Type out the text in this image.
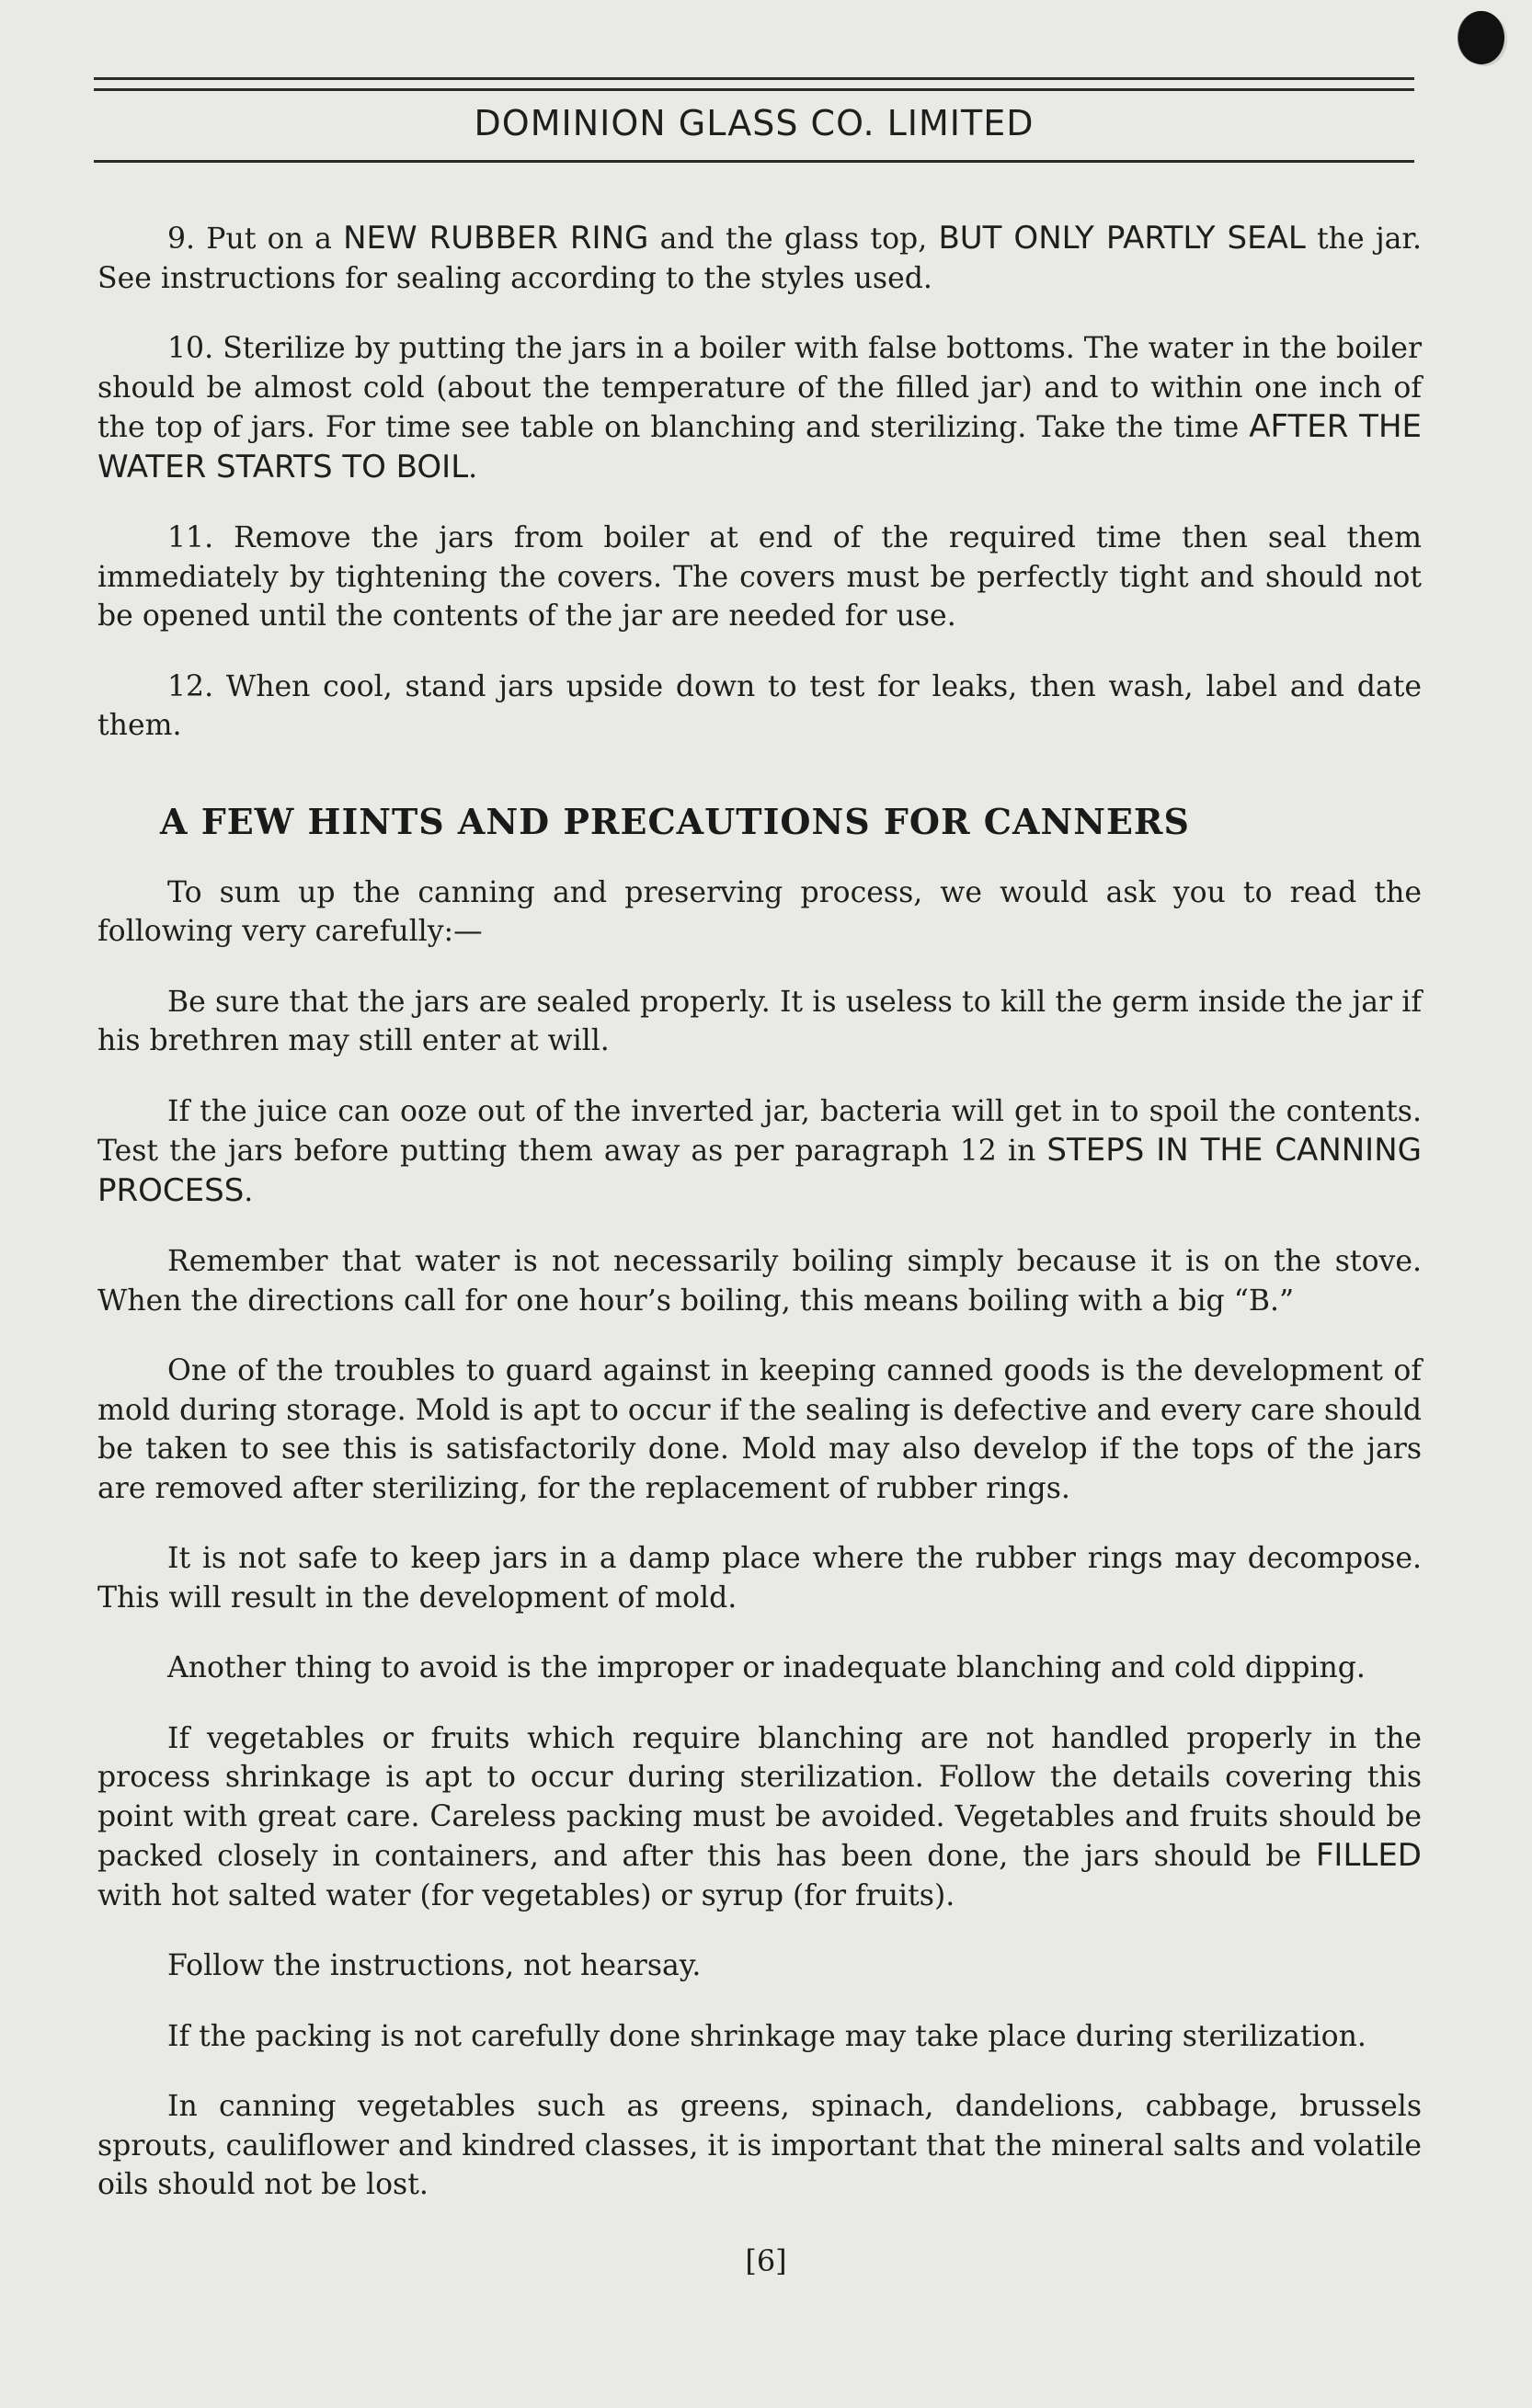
DOMINION GLASS CO. LIMITED

9. Put on a NEW RUBBER RING and the glass top, BUT ONLY PARTLY SEAL the jar. See instructions for sealing according to the styles used.

10. Sterilize by putting the jars in a boiler with false bottoms. The water in the boiler should be almost cold (about the temperature of the filled jar) and to within one inch of the top of jars. For time see table on blanching and sterilizing. Take the time AFTER THE WATER STARTS TO BOIL.

11. Remove the jars from boiler at end of the required time then seal them immediately by tightening the covers. The covers must be perfectly tight and should not be opened until the contents of the jar are needed for use.

12. When cool, stand jars upside down to test for leaks, then wash, label and date them.

A FEW HINTS AND PRECAUTIONS FOR CANNERS

To sum up the canning and preserving process, we would ask you to read the following very carefully:—

Be sure that the jars are sealed properly. It is useless to kill the germ inside the jar if his brethren may still enter at will.

If the juice can ooze out of the inverted jar, bacteria will get in to spoil the contents. Test the jars before putting them away as per paragraph 12 in STEPS IN THE CANNING PROCESS.

Remember that water is not necessarily boiling simply because it is on the stove. When the directions call for one hour’s boiling, this means boiling with a big “B.”

One of the troubles to guard against in keeping canned goods is the development of mold during storage. Mold is apt to occur if the sealing is defective and every care should be taken to see this is satisfactorily done. Mold may also develop if the tops of the jars are removed after sterilizing, for the replacement of rubber rings.

It is not safe to keep jars in a damp place where the rubber rings may decompose. This will result in the development of mold.

Another thing to avoid is the improper or inadequate blanching and cold dipping.

If vegetables or fruits which require blanching are not handled properly in the process shrinkage is apt to occur during sterilization. Follow the details covering this point with great care. Careless packing must be avoided. Vegetables and fruits should be packed closely in containers, and after this has been done, the jars should be FILLED with hot salted water (for vegetables) or syrup (for fruits).

Follow the instructions, not hearsay.

If the packing is not carefully done shrinkage may take place during sterilization.

In canning vegetables such as greens, spinach, dandelions, cabbage, brussels sprouts, cauliflower and kindred classes, it is important that the mineral salts and volatile oils should not be lost.

[6]
